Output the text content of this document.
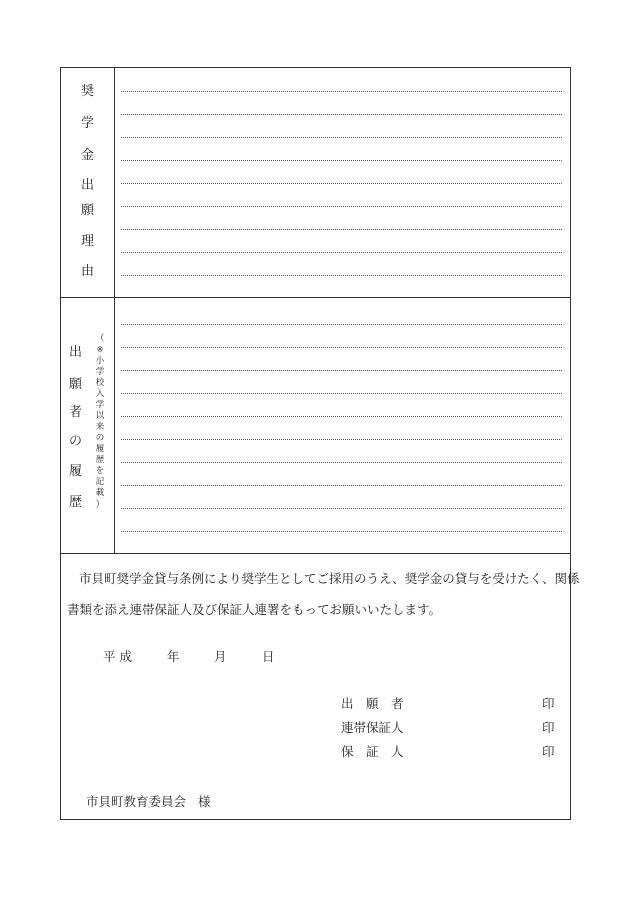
奨
学
金
出
願
理
由
出
願
者
の
履
歴
（
※
小
学
校
入
学
以
来
の
履
歴
を
記
載
）
市貝町奨学金貸与条例により奨学生としてご採用のうえ、奨学金の貸与を受けたく、関係
書類を添え連帯保証人及び保証人連署をもってお願いいたします。
平 成	年	月	日
出　願　者	印
連帯保証人	印
保　証　人	印
市貝町教育委員会 様
